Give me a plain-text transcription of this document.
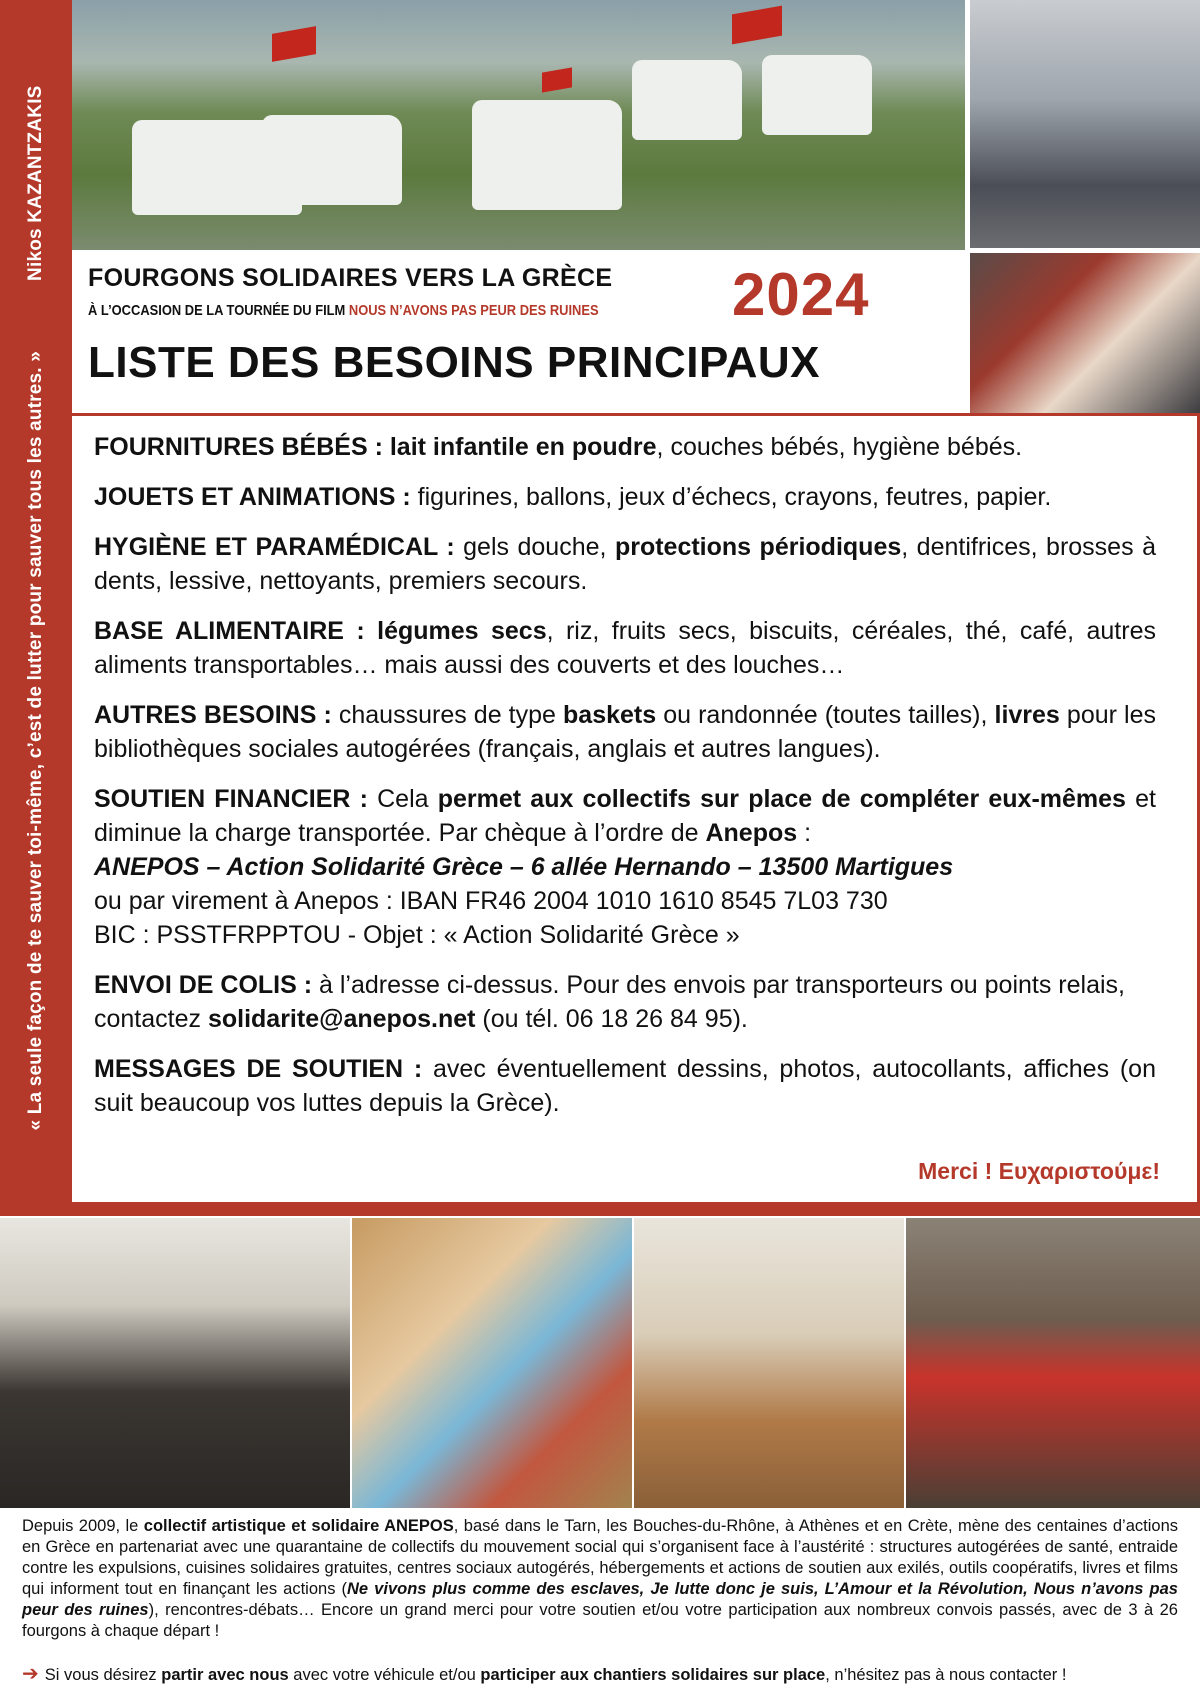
« La seule façon de te sauver toi-même, c’est de lutter pour sauver tous les autres. »Nikos KAZANTZAKIS FOURGONS SOLIDAIRES VERS LA GRÈCE
À L’OCCASION DE LA TOURNÉE DU FILM NOUS N’AVONS PAS PEUR DES RUINES 2024
LISTE DES BESOINS PRINCIPAUX
FOURNITURES BÉBÉS : lait infantile en poudre, couches bébés, hygiène bébés.
JOUETS ET ANIMATIONS : figurines, ballons, jeux d’échecs, crayons, feutres, papier.
HYGIÈNE ET PARAMÉDICAL : gels douche, protections périodiques, dentifrices, brosses à dents, lessive, nettoyants, premiers secours.
BASE ALIMENTAIRE : légumes secs, riz, fruits secs, biscuits, céréales, thé, café, autres aliments transportables… mais aussi des couverts et des louches…
AUTRES BESOINS : chaussures de type baskets ou randonnée (toutes tailles), livres pour les bibliothèques sociales autogérées (français, anglais et autres langues).
SOUTIEN FINANCIER : Cela permet aux collectifs sur place de compléter eux-mêmes et diminue la charge transportée. Par chèque à l’ordre de Anepos :
ANEPOS – Action Solidarité Grèce – 6 allée Hernando – 13500 Martigues
ou par virement à Anepos : IBAN FR46 2004 1010 1610 8545 7L03 730
BIC : PSSTFRPPTOU - Objet : « Action Solidarité Grèce »
ENVOI DE COLIS : à l’adresse ci-dessus. Pour des envois par transporteurs ou points relais, contactez solidarite@anepos.net (ou tél. 06 18 26 84 95).
MESSAGES DE SOUTIEN : avec éventuellement dessins, photos, autocollants, affiches (on suit beaucoup vos luttes depuis la Grèce).
Merci ! Ευχαριστούμε!
Depuis 2009, le collectif artistique et solidaire ANEPOS, basé dans le Tarn, les Bouches-du-Rhône, à Athènes et en Crète, mène des centaines d’actions en Grèce en partenariat avec une quarantaine de collectifs du mouvement social qui s’organisent face à l’austérité : structures autogérées de santé, entraide contre les expulsions, cuisines solidaires gratuites, centres sociaux autogérés, hébergements et actions de soutien aux exilés, outils coopératifs, livres et films qui informent tout en finançant les actions (Ne vivons plus comme des esclaves, Je lutte donc je suis, L’Amour et la Révolution, Nous n’avons pas peur des ruines), rencontres-débats… Encore un grand merci pour votre soutien et/ou votre participation aux nombreux convois passés, avec de 3 à 26 fourgons à chaque départ !
➔ Si vous désirez partir avec nous avec votre véhicule et/ou participer aux chantiers solidaires sur place, n’hésitez pas à nous contacter !
